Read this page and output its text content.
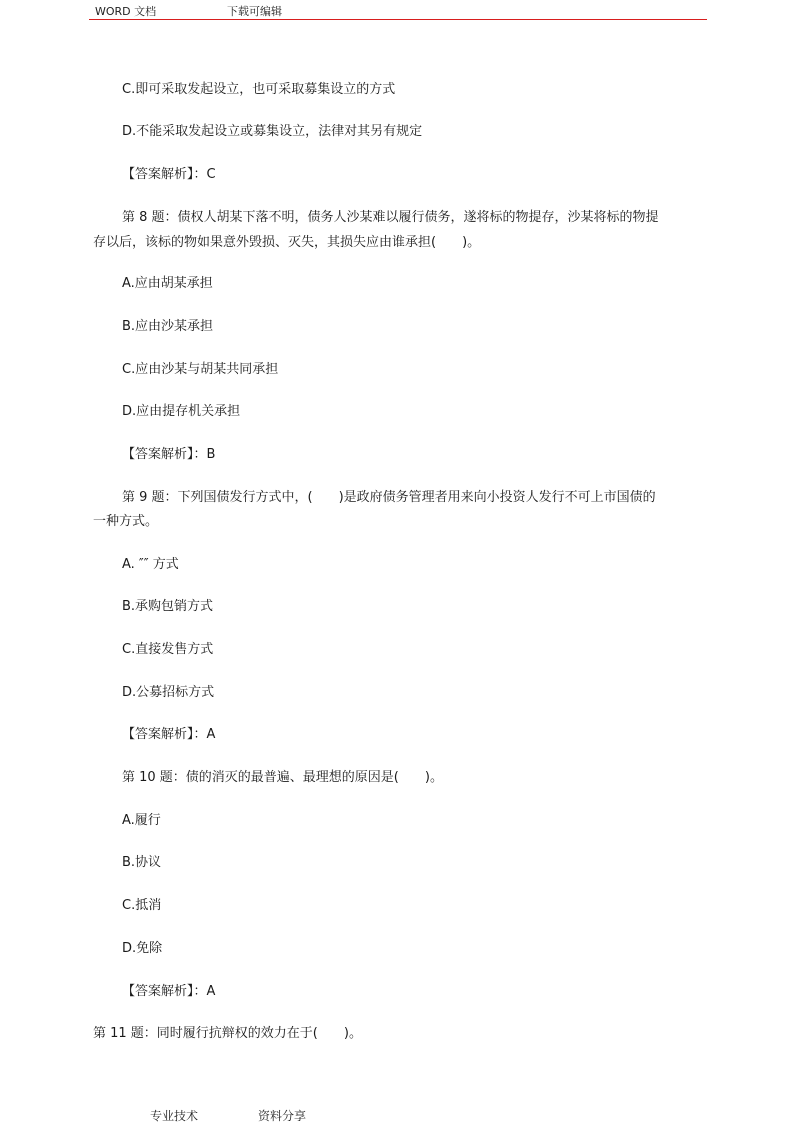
WORD 文档	下载可编辑
C.即可采取发起设立，也可采取募集设立的方式
D.不能采取发起设立或募集设立，法律对其另有规定
【答案解析】：C
第 8 题：债权人胡某下落不明，债务人沙某难以履行债务，遂将标的物提存，沙某将标的物提
存以后，该标的物如果意外毁损、灭失，其损失应由谁承担(　　)。
A.应由胡某承担
B.应由沙某承担
C.应由沙某与胡某共同承担
D.应由提存机关承担
【答案解析】：B
第 9 题：下列国债发行方式中，(　　)是政府债务管理者用来向小投资人发行不可上市国债的
一种方式。
A. ″″ 方式
B.承购包销方式
C.直接发售方式
D.公募招标方式
【答案解析】：A
第 10 题：债的消灭的最普遍、最理想的原因是(　　)。
A.履行
B.协议
C.抵消
D.免除
【答案解析】：A
第 11 题：同时履行抗辩权的效力在于(　　)。
专业技术	资料分享
